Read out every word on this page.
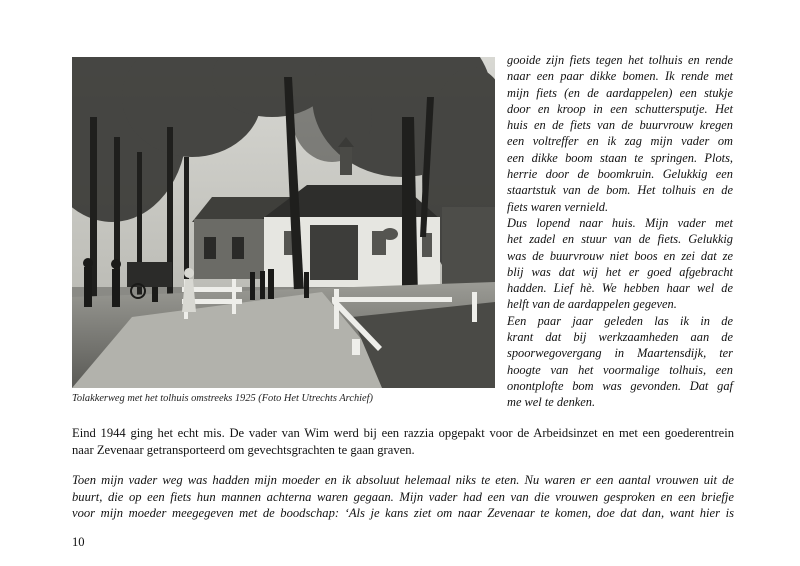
Tolakkerweg met het tolhuis omstreeks 1925 (Foto Het Utrechts Archief)
gooide zijn fiets tegen het tolhuis en rende
naar een paar dikke bomen. Ik rende met
mijn fiets (en de aardappelen) een stukje
door en kroop in een schuttersputje. Het
huis en de fiets van de buurvrouw kregen
een voltreffer en ik zag mijn vader om
een dikke boom staan te springen. Plots,
herrie door de boomkruin. Gelukkig een
staartstuk van de bom. Het tolhuis en de
fiets waren vernield.
Dus lopend naar huis. Mijn vader met
het zadel en stuur van de fiets. Gelukkig
was de buurvrouw niet boos en zei dat ze
blij was dat wij het er goed afgebracht
hadden. Lief hè. We hebben haar wel de
helft van de aardappelen gegeven.
Een paar jaar geleden las ik in de
krant dat bij werkzaamheden aan de
spoorwegovergang in Maartensdijk, ter
hoogte van het voormalige tolhuis, een
onontplofte bom was gevonden. Dat gaf
me wel te denken.
Eind 1944 ging het echt mis. De vader van Wim werd bij een razzia opgepakt voor de Arbeidsinzet en met een goederentrein
naar Zevenaar getransporteerd om gevechtsgrachten te gaan graven.
Toen mijn vader weg was hadden mijn moeder en ik absoluut helemaal niks te eten. Nu waren er een aantal vrouwen uit de
buurt, die op een fiets hun mannen achterna waren gegaan. Mijn vader had een van die vrouwen gesproken en een briefje
voor mijn moeder meegegeven met de boodschap: ‘Als je kans ziet om naar Zevenaar te komen, doe dat dan, want hier is
10
